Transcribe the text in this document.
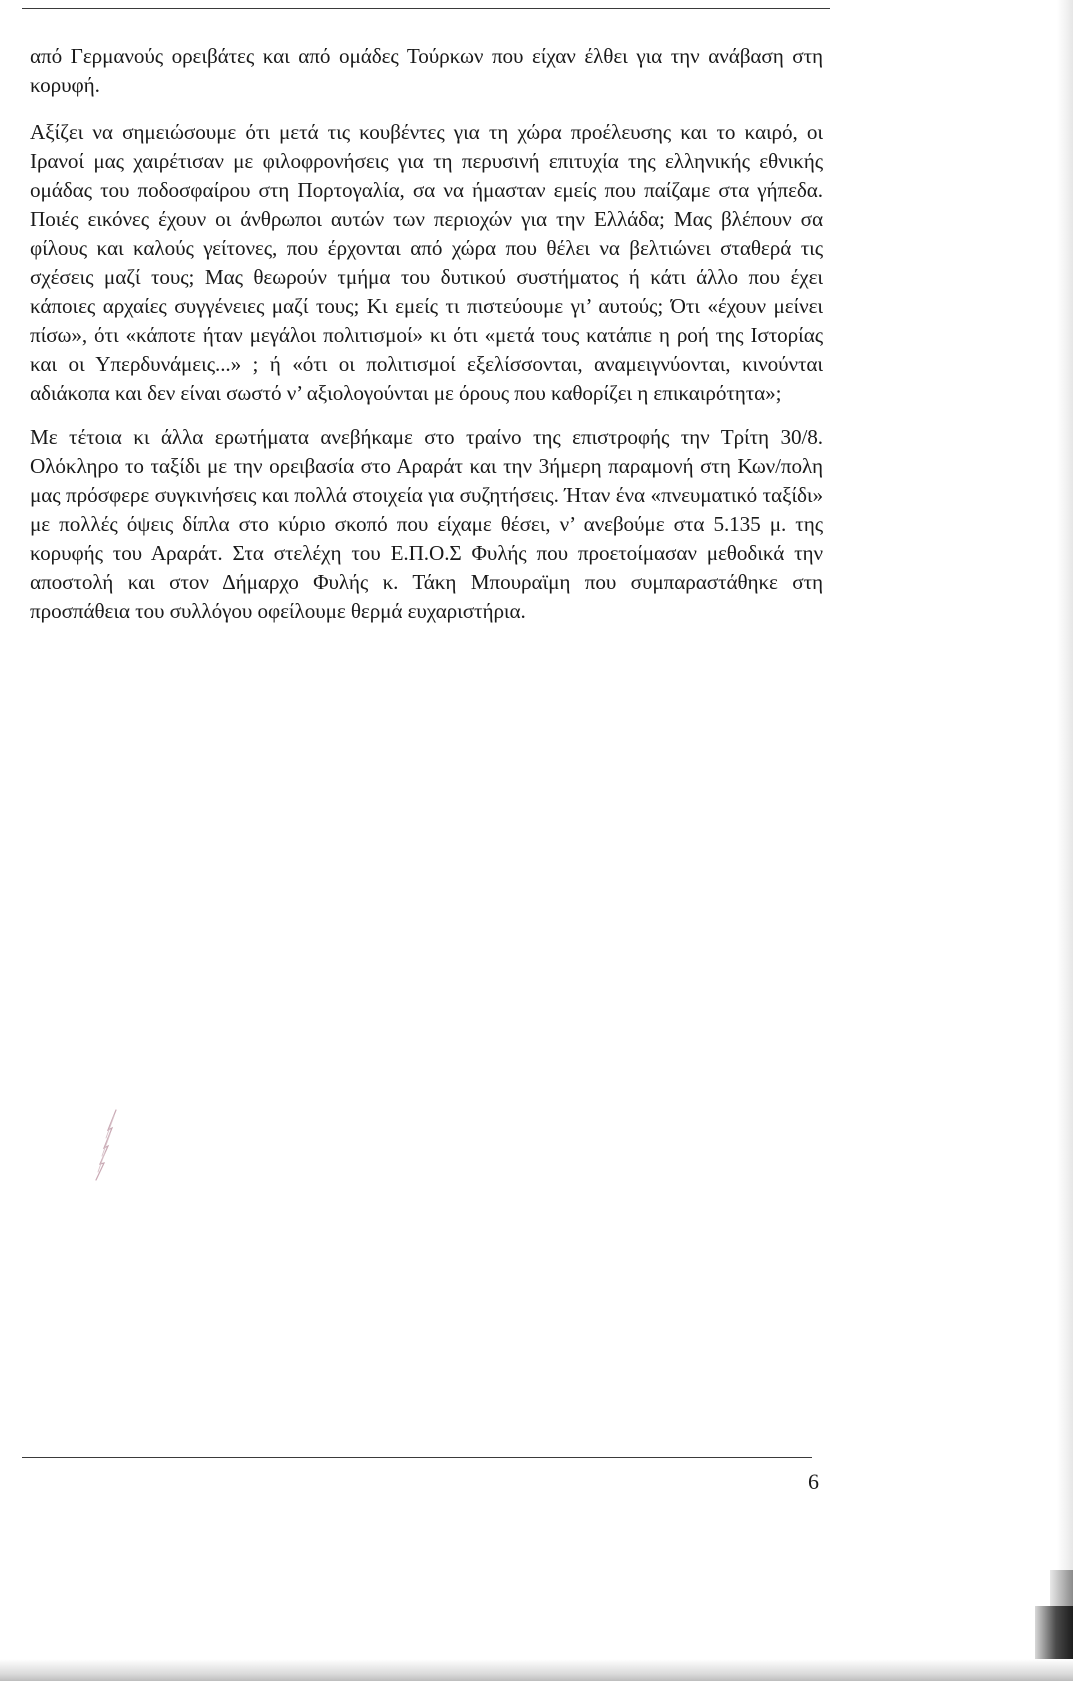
από Γερμανούς ορειβάτες και από ομάδες Τούρκων που είχαν έλθει για την ανάβαση στη κορυφή.

Αξίζει να σημειώσουμε ότι μετά τις κουβέντες για τη χώρα προέλευσης και το καιρό, οι Ιρανοί μας χαιρέτισαν με φιλοφρονήσεις για τη περυσινή επιτυχία της ελληνικής εθνικής ομάδας του ποδοσφαίρου στη Πορτογαλία, σα να ήμασταν εμείς που παίζαμε στα γήπεδα. Ποιές εικόνες έχουν οι άνθρωποι αυτών των περιοχών για την Ελλάδα; Μας βλέπουν σα φίλους και καλούς γείτονες, που έρχονται από χώρα που θέλει να βελτιώνει σταθερά τις σχέσεις μαζί τους; Μας θεωρούν τμήμα του δυτικού συστήματος ή κάτι άλλο που έχει κάποιες αρχαίες συγγένειες μαζί τους; Κι εμείς τι πιστεύουμε γι’ αυτούς; Ότι «έχουν μείνει πίσω», ότι «κάποτε ήταν μεγάλοι πολιτισμοί» κι ότι «μετά τους κατάπιε η ροή της Ιστορίας και οι Υπερδυνάμεις...» ; ή «ότι οι πολιτισμοί εξελίσσονται, αναμειγνύονται, κινούνται αδιάκοπα και δεν είναι σωστό ν’ αξιολογούνται με όρους που καθορίζει η επικαιρότητα»;

Με τέτοια κι άλλα ερωτήματα ανεβήκαμε στο τραίνο της επιστροφής την Τρίτη 30/8. Ολόκληρο το ταξίδι με την ορειβασία στο Αραράτ και την 3ήμερη παραμονή στη Κων/πολη μας πρόσφερε συγκινήσεις και πολλά στοιχεία για συζητήσεις. Ήταν ένα «πνευματικό ταξίδι» με πολλές όψεις δίπλα στο κύριο σκοπό που είχαμε θέσει, ν’ ανεβούμε στα 5.135 μ. της κορυφής του Αραράτ. Στα στελέχη του Ε.Π.Ο.Σ Φυλής που προετοίμασαν μεθοδικά την αποστολή και στον Δήμαρχο Φυλής κ. Τάκη Μπουραϊμη που συμπαραστάθηκε στη προσπάθεια του συλλόγου οφείλουμε θερμά ευχαριστήρια.

6
